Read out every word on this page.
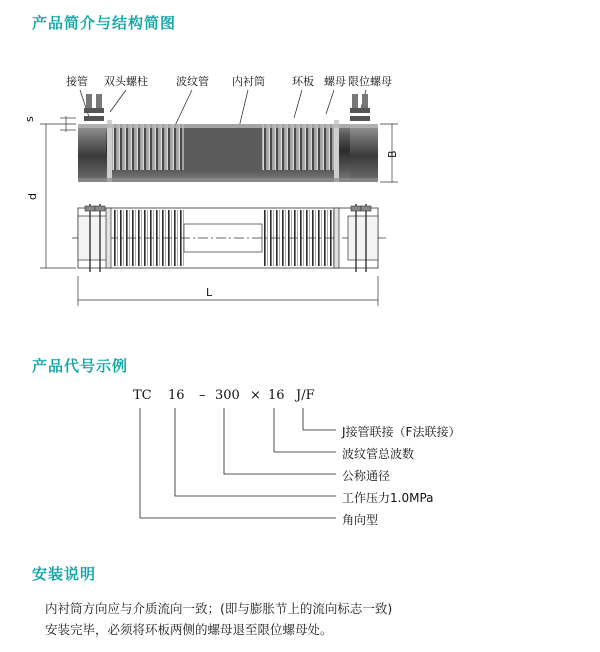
产品简介与结构简图
接管 双头螺柱	波纹管 内衬筒 环板 螺母 限位螺母
s
d
L
B
产品代号示例
TC 16 – 300 × 16 J/F
J接管联接（F法联接）
波纹管总波数
公称通径
工作压力1.0MPa
角向型
安装说明
内衬筒方向应与介质流向一致；(即与膨胀节上的流向标志一致)
安装完毕，必须将环板两侧的螺母退至限位螺母处。
